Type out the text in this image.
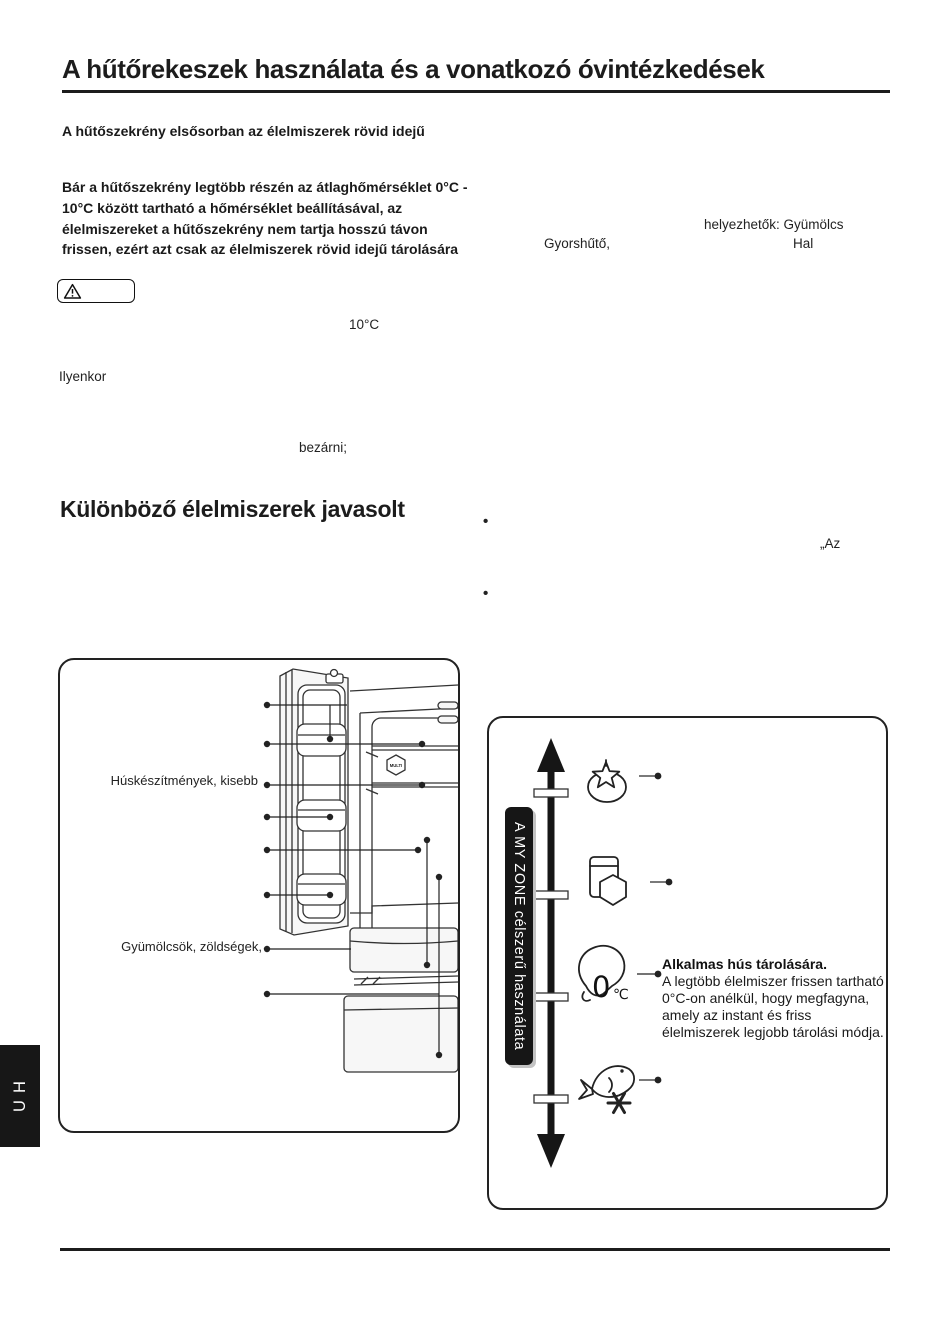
A hűtőrekeszek használata és a vonatkozó óvintézkedések
A hűtőszekrény elsősorban az élelmiszerek rövid idejű
Bár a hűtőszekrény legtöbb részén az átlaghőmérséklet 0°C - 10°C között tartható a hőmérséklet beállításával, az élelmiszereket a hűtőszekrény nem tartja hosszú távon frissen, ezért azt csak az élelmiszerek rövid idejű tárolására
helyezhetők: Gyümölcs
Gyorshűtő,	Hal
10°C
Ilyenkor
bezárni;
Különböző élelmiszerek javasolt	•
•
„Az
MULTI
Húskészítmények, kisebb
Gyümölcsök, zöldségek,
0 ℃
A MY ZONE célszerű használata	Alkalmas hús tárolására.
A legtöbb élelmiszer frissen tartható 0°C-on anélkül, hogy megfagyna, amely az instant és friss élelmiszerek legjobb tárolási módja.
H
U
